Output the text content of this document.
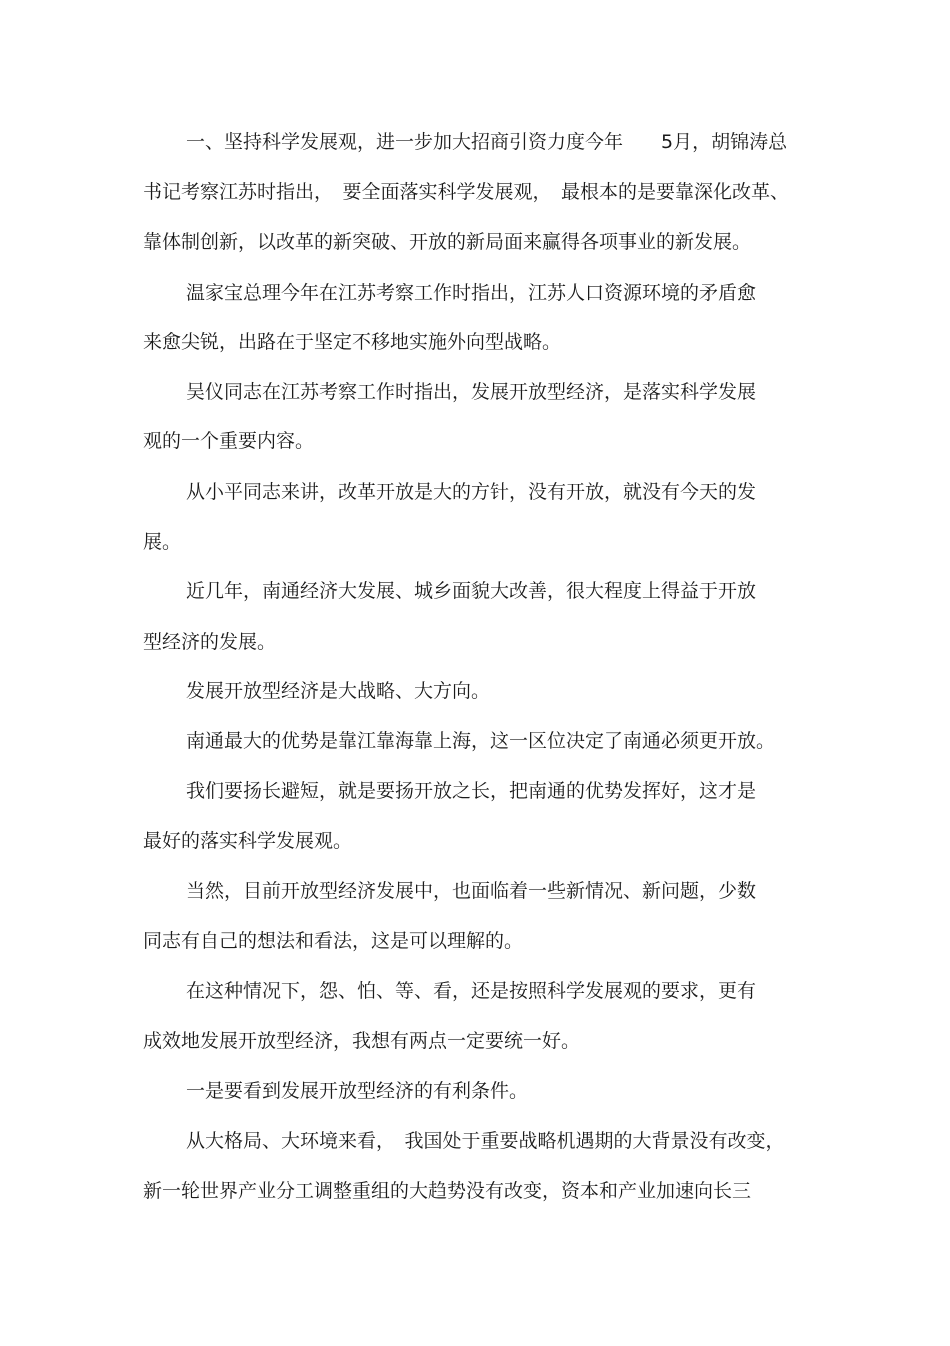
一、坚持科学发展观，进一步加大招商引资力度今年　　5月，胡锦涛总

书记考察江苏时指出，　要全面落实科学发展观，　最根本的是要靠深化改革、

靠体制创新，以改革的新突破、开放的新局面来赢得各项事业的新发展。

温家宝总理今年在江苏考察工作时指出，江苏人口资源环境的矛盾愈

来愈尖锐，出路在于坚定不移地实施外向型战略。

吴仪同志在江苏考察工作时指出，发展开放型经济，是落实科学发展

观的一个重要内容。

从小平同志来讲，改革开放是大的方针，没有开放，就没有今天的发

展。

近几年，南通经济大发展、城乡面貌大改善，很大程度上得益于开放

型经济的发展。

发展开放型经济是大战略、大方向。

南通最大的优势是靠江靠海靠上海，这一区位决定了南通必须更开放。

我们要扬长避短，就是要扬开放之长，把南通的优势发挥好，这才是

最好的落实科学发展观。

当然，目前开放型经济发展中，也面临着一些新情况、新问题，少数

同志有自己的想法和看法，这是可以理解的。

在这种情况下，怨、怕、等、看，还是按照科学发展观的要求，更有

成效地发展开放型经济，我想有两点一定要统一好。

一是要看到发展开放型经济的有利条件。

从大格局、大环境来看，　我国处于重要战略机遇期的大背景没有改变，

新一轮世界产业分工调整重组的大趋势没有改变，资本和产业加速向长三
